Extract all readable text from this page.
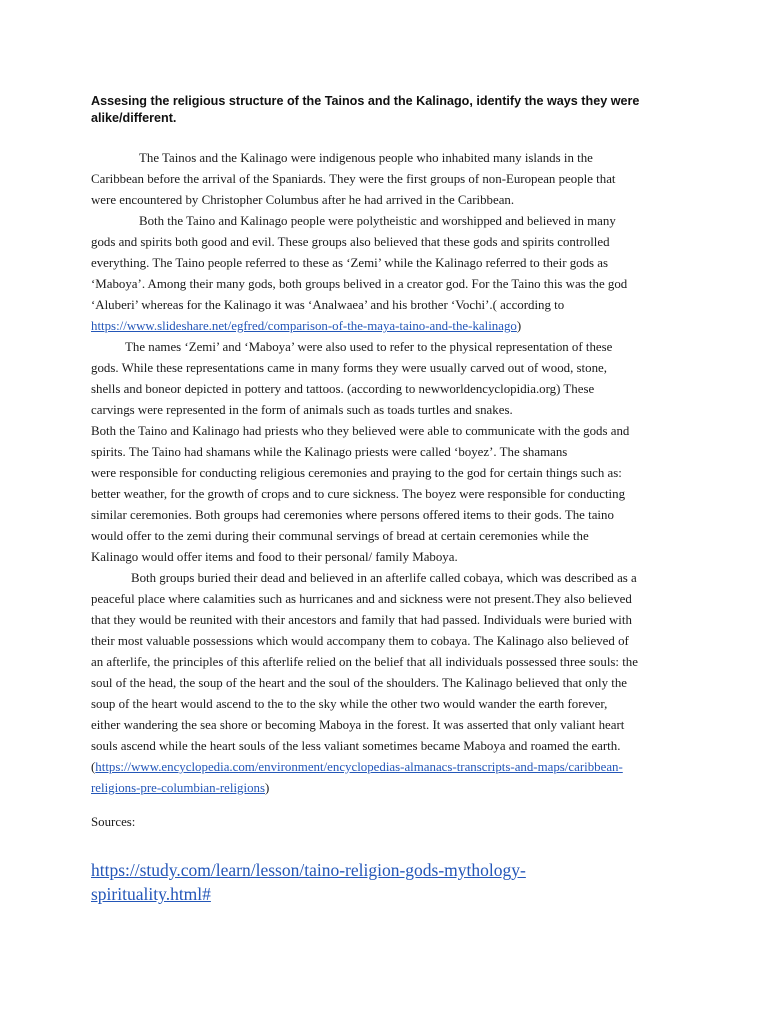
Assesing the religious structure of the Tainos and the Kalinago, identify the ways they were alike/different.
The Tainos and the Kalinago were indigenous people who inhabited many islands in the
Caribbean before the arrival of the Spaniards. They were the first groups of non-European people that
were encountered by Christopher Columbus after he had arrived in the Caribbean.
Both the Taino and Kalinago people were polytheistic and worshipped and believed in many
gods and spirits both good and evil. These groups also believed that these gods and spirits controlled
everything. The Taino people referred to these as ‘Zemi’ while the Kalinago referred to their gods as
‘Maboya’. Among their many gods, both groups belived in a creator god. For the Taino this was the god
‘Aluberi’ whereas for the Kalinago it was ‘Analwaea’ and his brother ‘Vochi’.( according to
https://www.slideshare.net/egfred/comparison-of-the-maya-taino-and-the-kalinago)
The names ‘Zemi’ and ‘Maboya’ were also used to refer to the physical representation of these
gods. While these representations came in many forms they were usually carved out of wood, stone,
shells and boneor depicted in pottery and tattoos. (according to newworldencyclopidia.org) These
carvings were represented in the form of animals such as toads turtles and snakes.
Both the Taino and Kalinago had priests who they believed were able to communicate with the gods and
spirits. The Taino had shamans while the Kalinago priests were called ‘boyez’. The shamans
were responsible for conducting religious ceremonies and praying to the god for certain things such as:
better weather, for the growth of crops and to cure sickness. The boyez were responsible for conducting
similar ceremonies. Both groups had ceremonies where persons offered items to their gods. The taino
would offer to the zemi during their communal servings of bread at certain ceremonies while the
Kalinago would offer items and food to their personal/ family Maboya.
Both groups buried their dead and believed in an afterlife called cobaya, which was described as a
peaceful place where calamities such as hurricanes and and sickness were not present.They also believed
that they would be reunited with their ancestors and family that had passed. Individuals were buried with
their most valuable possessions which would accompany them to cobaya. The Kalinago also believed of
an afterlife, the principles of this afterlife relied on the belief that all individuals possessed three souls: the
soul of the head, the soup of the heart and the soul of the shoulders. The Kalinago believed that only the
soup of the heart would ascend to the to the sky while the other two would wander the earth forever,
either wandering the sea shore or becoming Maboya in the forest. It was asserted that only valiant heart
souls ascend while the heart souls of the less valiant sometimes became Maboya and roamed the earth.
(https://www.encyclopedia.com/environment/encyclopedias-almanacs-transcripts-and-maps/caribbean-
religions-pre-columbian-religions)
Sources:
https://study.com/learn/lesson/taino-religion-gods-mythology-
spirituality.html#
